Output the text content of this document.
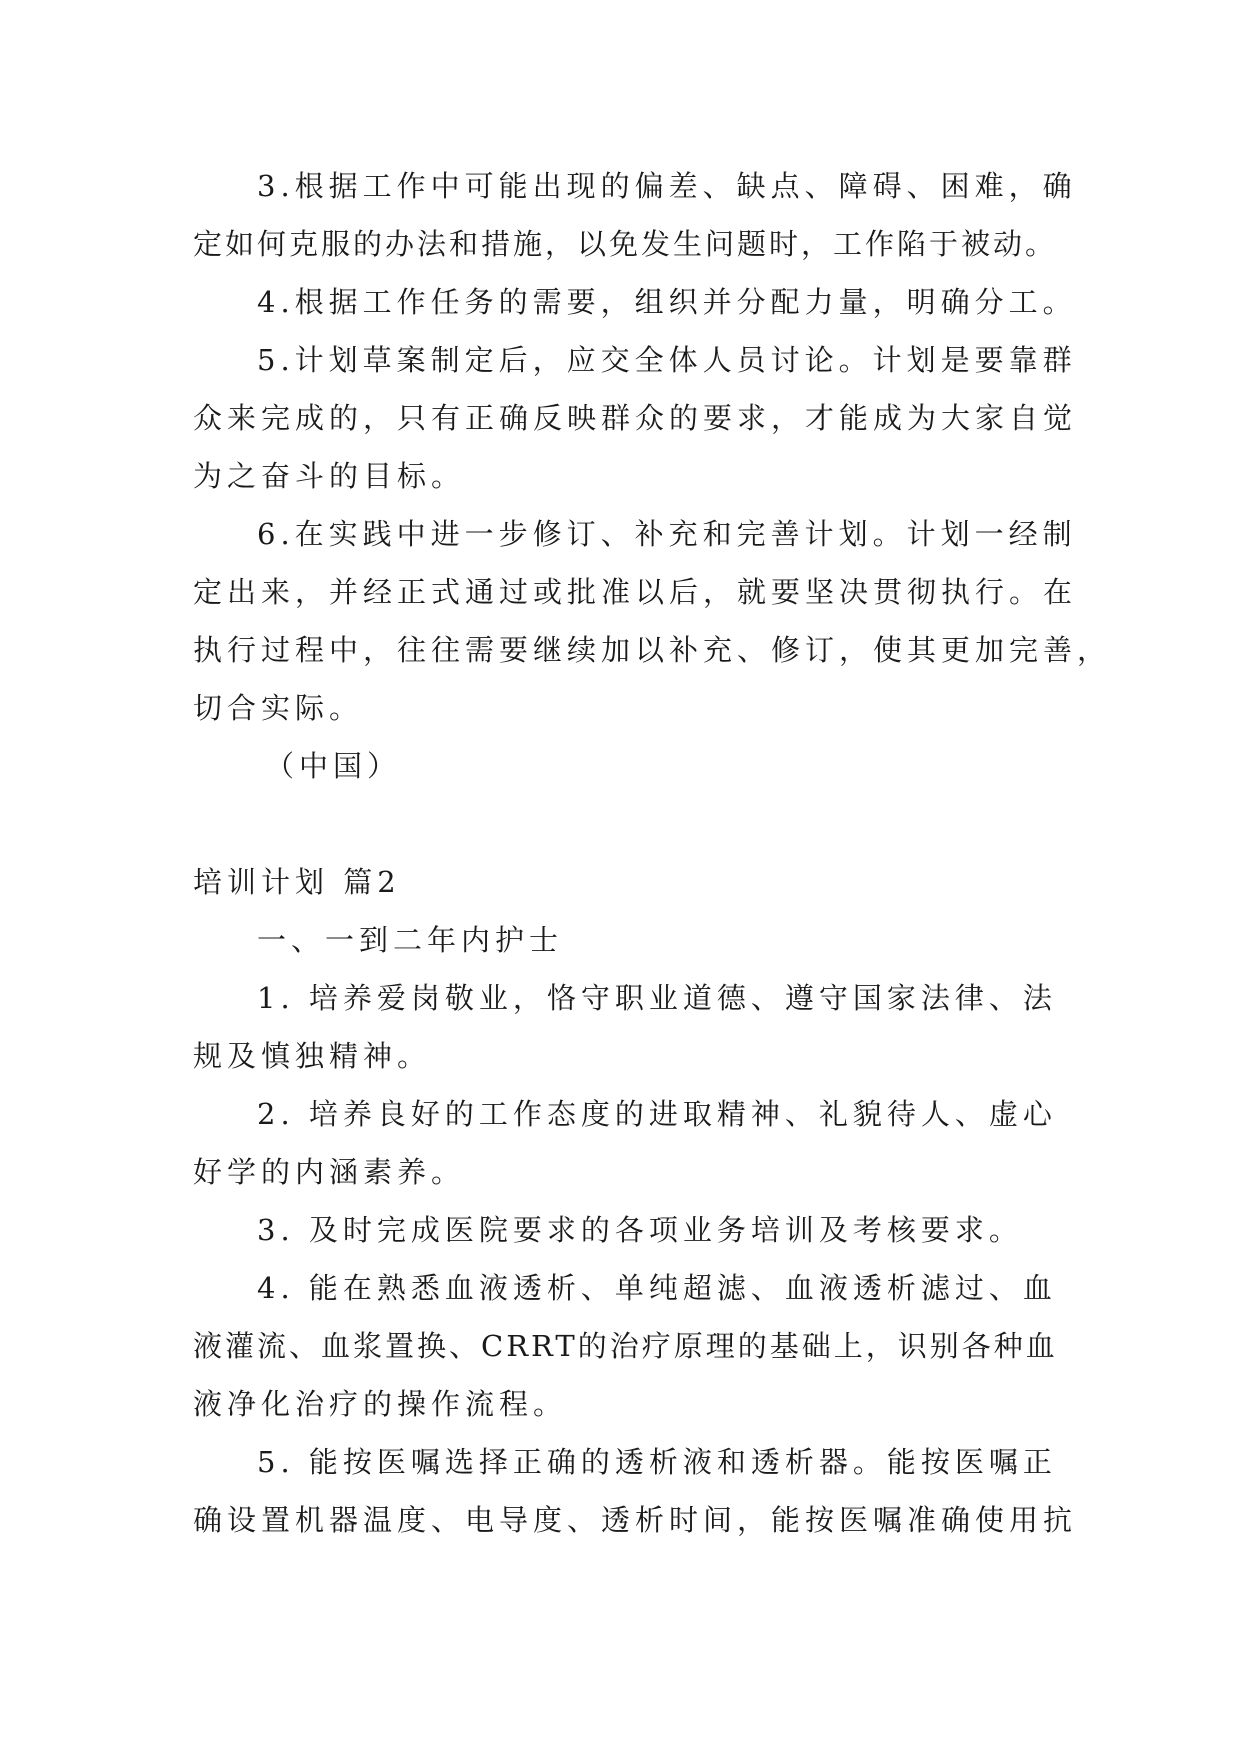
3.根据工作中可能出现的偏差、缺点、障碍、困难，确
定如何克服的办法和措施，以免发生问题时，工作陷于被动。
4.根据工作任务的需要，组织并分配力量，明确分工。
5.计划草案制定后，应交全体人员讨论。计划是要靠群
众来完成的，只有正确反映群众的要求，才能成为大家自觉
为之奋斗的目标。
6.在实践中进一步修订、补充和完善计划。计划一经制
定出来，并经正式通过或批准以后，就要坚决贯彻执行。在
执行过程中，往往需要继续加以补充、修订，使其更加完善，
切合实际。
（中国）
培训计划 篇2
一、一到二年内护士
1. 培养爱岗敬业，恪守职业道德、遵守国家法律、法
规及慎独精神。
2. 培养良好的工作态度的进取精神、礼貌待人、虚心
好学的内涵素养。
3. 及时完成医院要求的各项业务培训及考核要求。
4. 能在熟悉血液透析、单纯超滤、血液透析滤过、血
液灌流、血浆置换、CRRT的治疗原理的基础上，识别各种血
液净化治疗的操作流程。
5. 能按医嘱选择正确的透析液和透析器。能按医嘱正
确设置机器温度、电导度、透析时间，能按医嘱准确使用抗
